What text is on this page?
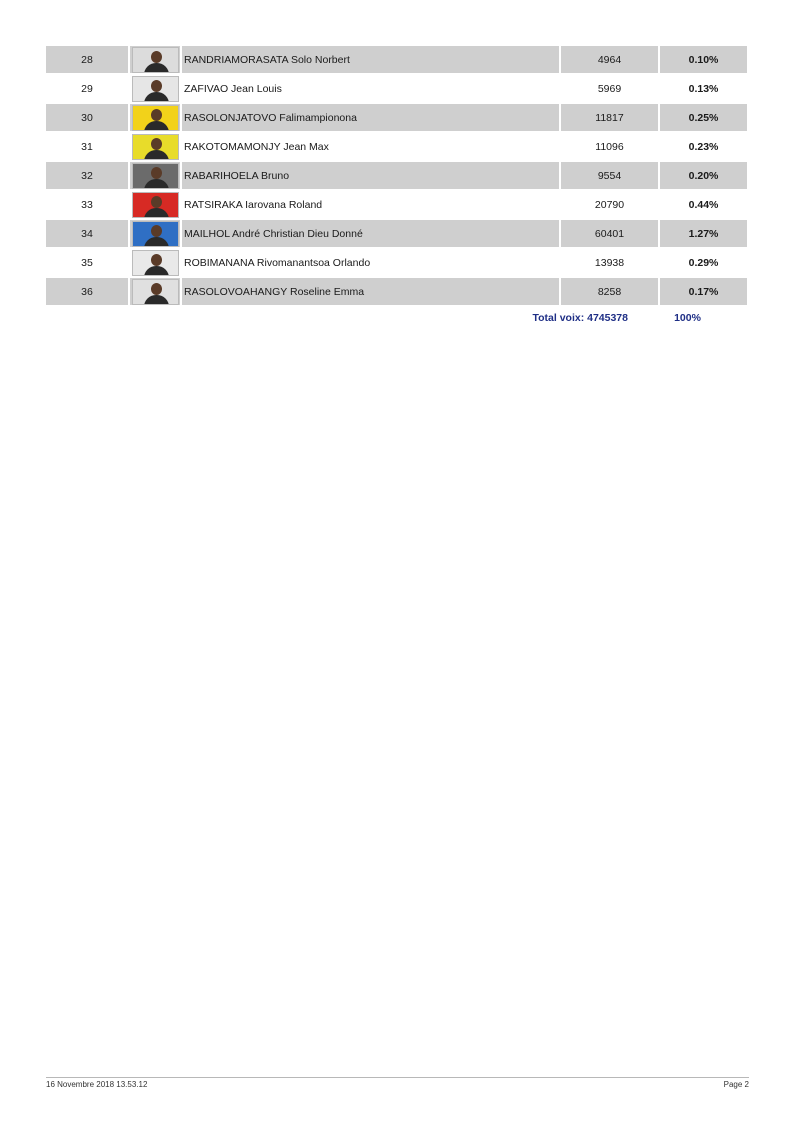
28	RANDRIAMORASATA Solo Norbert	4964	0.10%
29	ZAFIVAO Jean Louis	5969	0.13%
30	RASOLONJATOVO Falimampionona	11817	0.25%
31	RAKOTOMAMONJY Jean Max	11096	0.23%
32	RABARIHOELA Bruno	9554	0.20%
33	RATSIRAKA Iarovana Roland	20790	0.44%
34	MAILHOL André Christian Dieu Donné	60401	1.27%
35	ROBIMANANA Rivomanantsoa Orlando	13938	0.29%
36	RASOLOVOAHANGY Roseline Emma	8258	0.17%
Total voix: 4745378	100%
16 Novembre 2018 13.53.12	Page 2
